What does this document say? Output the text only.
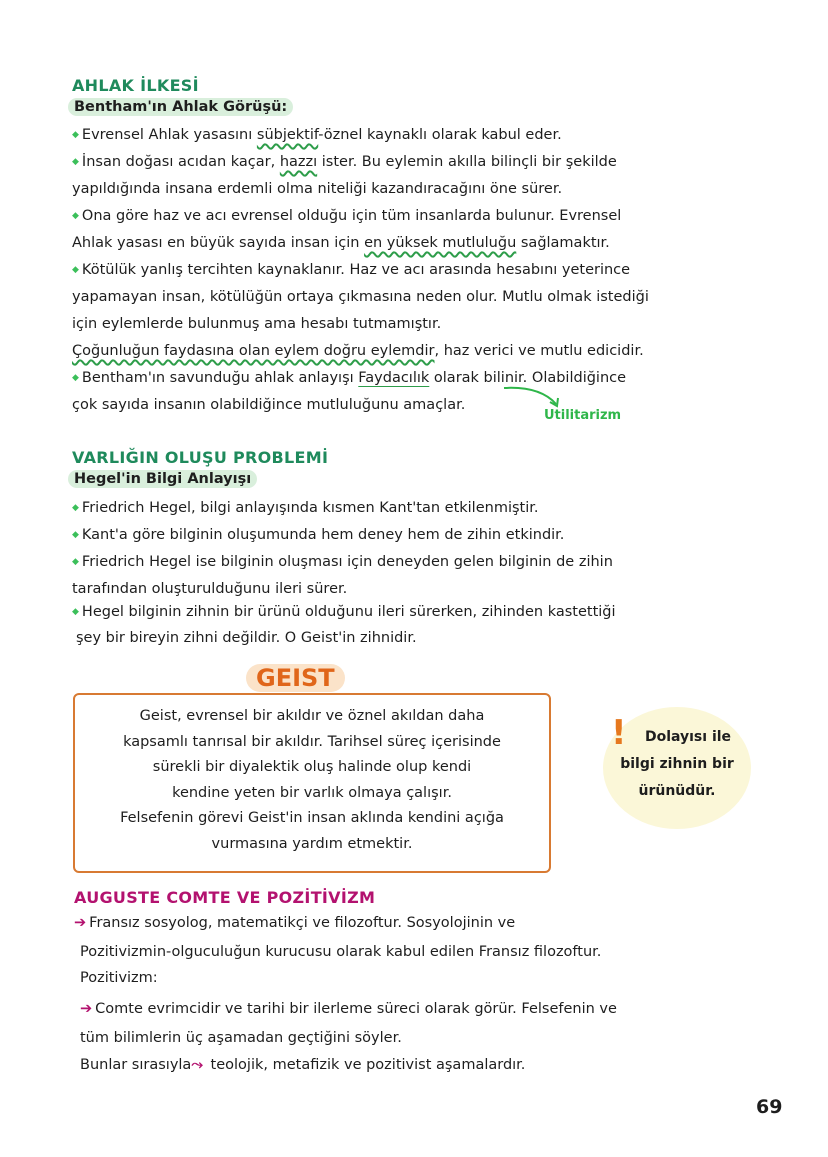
AHLAK İLKESİ
Bentham'ın Ahlak Görüşü:
◆ Evrensel Ahlak yasasını sübjektif-öznel kaynaklı olarak kabul eder.
◆ İnsan doğası acıdan kaçar, hazzı ister. Bu eylemin akılla bilinçli bir şekilde
yapıldığında insana erdemli olma niteliği kazandıracağını öne sürer.
◆ Ona göre haz ve acı evrensel olduğu için tüm insanlarda bulunur. Evrensel
Ahlak yasası en büyük sayıda insan için en yüksek mutluluğu sağlamaktır.
◆ Kötülük yanlış tercihten kaynaklanır. Haz ve acı arasında hesabını yeterince
yapamayan insan, kötülüğün ortaya çıkmasına neden olur. Mutlu olmak istediği
için eylemlerde bulunmuş ama hesabı tutmamıştır.
Çoğunluğun faydasına olan eylem doğru eylemdir, haz verici ve mutlu edicidir.
◆ Bentham'ın savunduğu ahlak anlayışı Faydacılık olarak bilinir. Olabildiğince
çok sayıda insanın olabildiğince mutluluğunu amaçlar.
Utilitarizm
VARLIĞIN OLUŞU PROBLEMİ
Hegel'in Bilgi Anlayışı
◆ Friedrich Hegel, bilgi anlayışında kısmen Kant'tan etkilenmiştir.
◆ Kant'a göre bilginin oluşumunda hem deney hem de zihin etkindir.
◆ Friedrich Hegel ise bilginin oluşması için deneyden gelen bilginin de zihin
tarafından oluşturulduğunu ileri sürer.
◆ Hegel bilginin zihnin bir ürünü olduğunu ileri sürerken, zihinden kastettiği
şey bir bireyin zihni değildir. O Geist'in zihnidir.
GEIST
Geist, evrensel bir akıldır ve öznel akıldan daha
kapsamlı tanrısal bir akıldır. Tarihsel süreç içerisinde
sürekli bir diyalektik oluş halinde olup kendi
kendine yeten bir varlık olmaya çalışır.
Felsefenin görevi Geist'in insan aklında kendini açığa
vurmasına yardım etmektir.
!	Dolayısı ile
bilgi zihnin bir
ürünüdür.
AUGUSTE COMTE VE POZİTİVİZM
➔ Fransız sosyolog, matematikçi ve filozoftur. Sosyolojinin ve
Pozitivizmin-olguculuğun kurucusu olarak kabul edilen Fransız filozoftur.
Pozitivizm:
➔ Comte evrimcidir ve tarihi bir ilerleme süreci olarak görür. Felsefenin ve
tüm bilimlerin üç aşamadan geçtiğini söyler.
Bunlar sırasıyla⤳ teolojik, metafizik ve pozitivist aşamalardır.
69
